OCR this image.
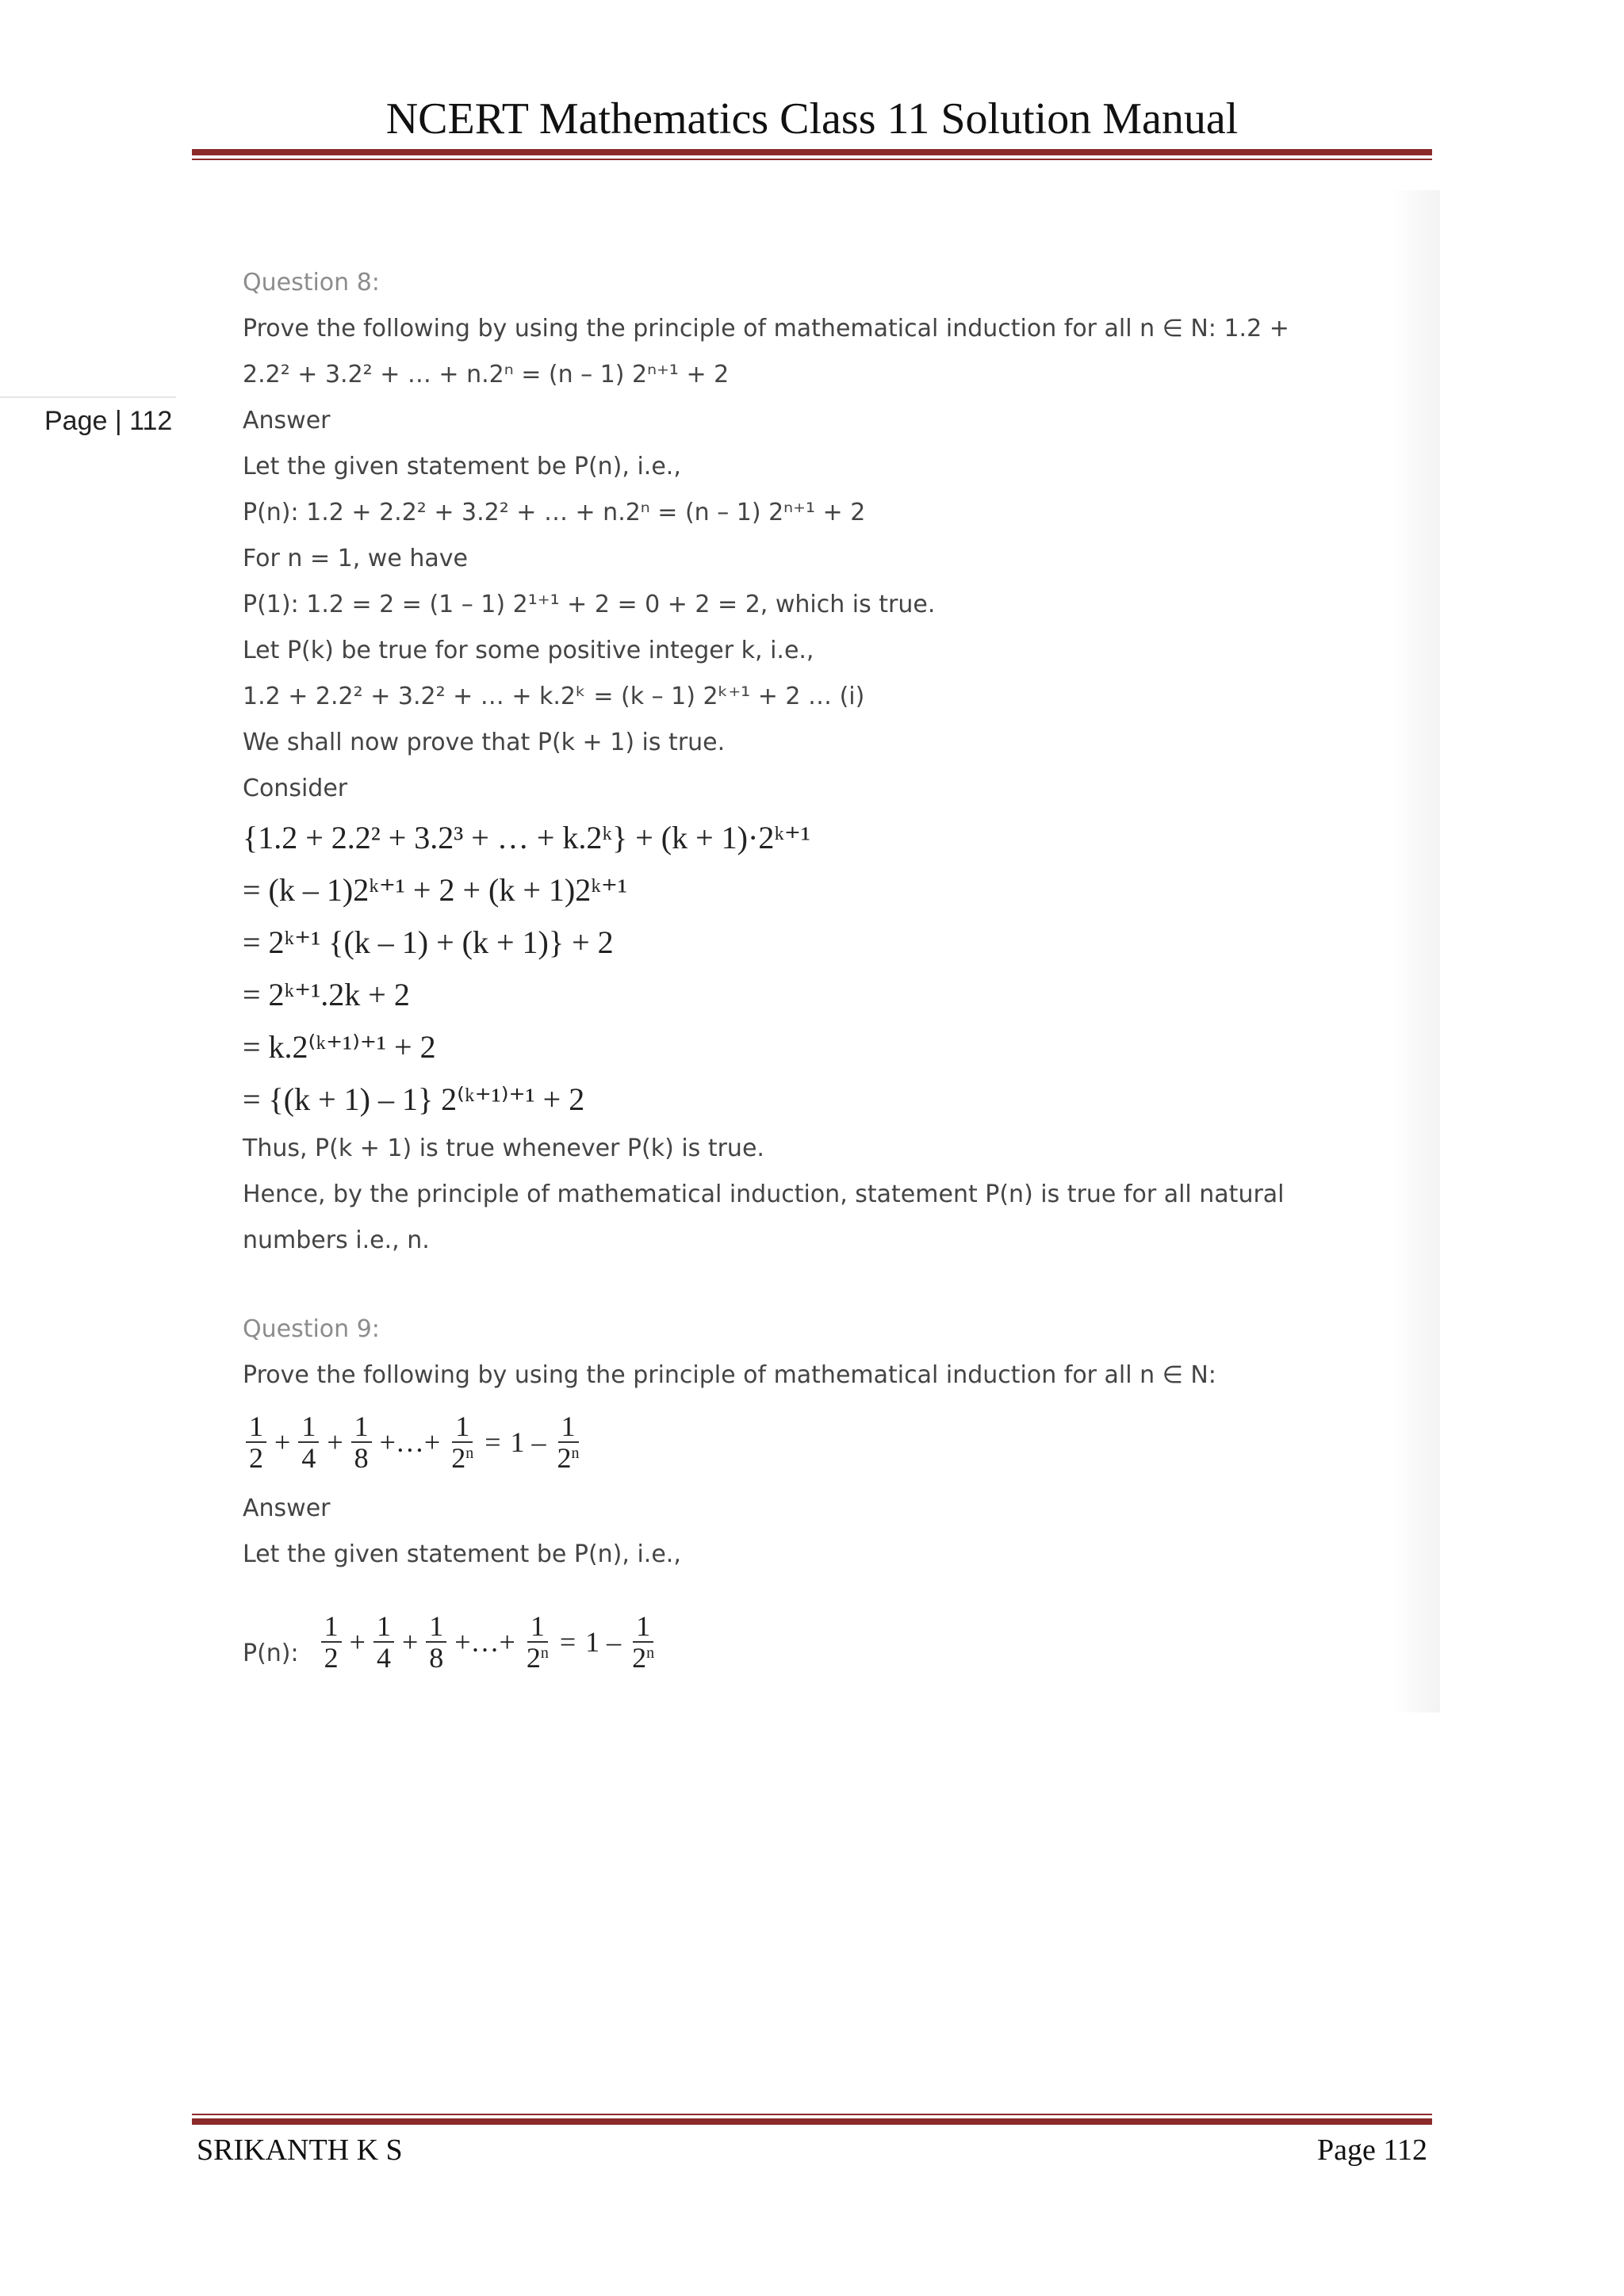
NCERT Mathematics Class 11 Solution Manual
Page | 112
Question 8:
Prove the following by using the principle of mathematical induction for all n ∈ N: 1.2 +
2.2² + 3.2² + … + n.2ⁿ = (n – 1) 2ⁿ⁺¹ + 2
Answer
Let the given statement be P(n), i.e.,
P(n): 1.2 + 2.2² + 3.2² + … + n.2ⁿ = (n – 1) 2ⁿ⁺¹ + 2
For n = 1, we have
P(1): 1.2 = 2 = (1 – 1) 2¹⁺¹ + 2 = 0 + 2 = 2, which is true.
Let P(k) be true for some positive integer k, i.e.,
1.2 + 2.2² + 3.2² + … + k.2ᵏ = (k – 1) 2ᵏ⁺¹ + 2 … (i)
We shall now prove that P(k + 1) is true.
Consider
{1.2 + 2.2² + 3.2³ + … + k.2ᵏ} + (k + 1)·2ᵏ⁺¹
= (k – 1)2ᵏ⁺¹ + 2 + (k + 1)2ᵏ⁺¹
= 2ᵏ⁺¹ {(k – 1) + (k + 1)} + 2
= 2ᵏ⁺¹.2k + 2
= k.2⁽ᵏ⁺¹⁾⁺¹ + 2
= {(k + 1) – 1} 2⁽ᵏ⁺¹⁾⁺¹ + 2
Thus, P(k + 1) is true whenever P(k) is true.
Hence, by the principle of mathematical induction, statement P(n) is true for all natural
numbers i.e., n.
Question 9:
Prove the following by using the principle of mathematical induction for all n ∈ N:
$\frac{1}{2} + \frac{1}{4} + \frac{1}{8}$ +…+ $\frac{1}{2^n} = 1 - \frac{1}{2^n}$
Answer
Let the given statement be P(n), i.e.,
P(n): $\frac{1}{2} + \frac{1}{4} + \frac{1}{8}$ +…+ $\frac{1}{2^n} = 1 - \frac{1}{2^n}$
SRIKANTH K S	Page 112
